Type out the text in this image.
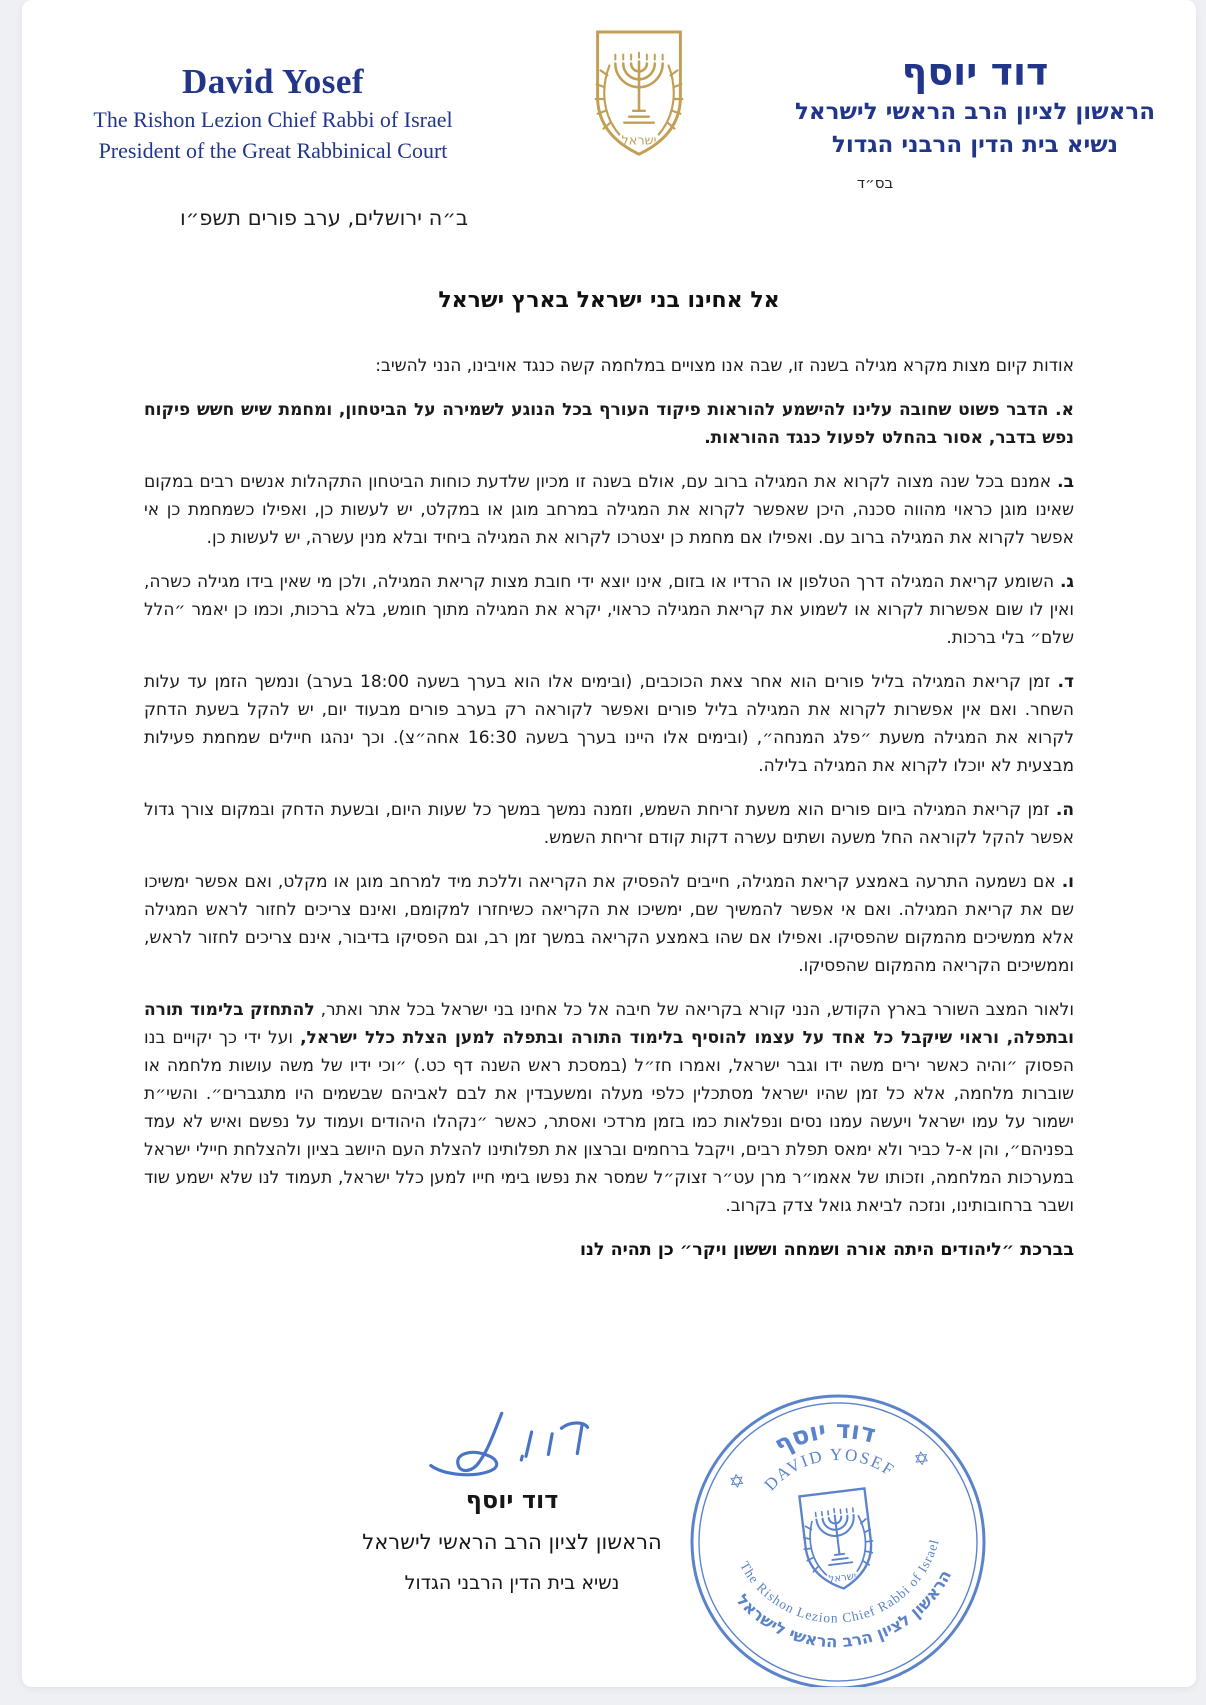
David Yosef
The Rishon Lezion Chief Rabbi of Israel
President of the Great Rabbinical Court	ישראל
דוד יוסף
הראשון לציון הרב הראשי לישראל
נשיא בית הדין הרבני הגדול
בס״ד
ב״ה ירושלים, ערב פורים תשפ״ו
אל אחינו בני ישראל בארץ ישראל

אודות קיום מצות מקרא מגילה בשנה זו, שבה אנו מצויים במלחמה קשה כנגד אויבינו, הנני להשיב:

א. הדבר פשוט שחובה עלינו להישמע להוראות פיקוד העורף בכל הנוגע לשמירה על הביטחון, ומחמת שיש חשש פיקוח נפש בדבר, אסור בהחלט לפעול כנגד ההוראות.

ב. אמנם בכל שנה מצוה לקרוא את המגילה ברוב עם, אולם בשנה זו מכיון שלדעת כוחות הביטחון התקהלות אנשים רבים במקום שאינו מוגן כראוי מהווה סכנה, היכן שאפשר לקרוא את המגילה במרחב מוגן או במקלט, יש לעשות כן, ואפילו כשמחמת כן אי אפשר לקרוא את המגילה ברוב עם. ואפילו אם מחמת כן יצטרכו לקרוא את המגילה ביחיד ובלא מנין עשרה, יש לעשות כן.

ג. השומע קריאת המגילה דרך הטלפון או הרדיו או בזום, אינו יוצא ידי חובת מצות קריאת המגילה, ולכן מי שאין בידו מגילה כשרה, ואין לו שום אפשרות לקרוא או לשמוע את קריאת המגילה כראוי, יקרא את המגילה מתוך חומש, בלא ברכות, וכמו כן יאמר ״הלל שלם״ בלי ברכות.

ד. זמן קריאת המגילה בליל פורים הוא אחר צאת הכוכבים, (ובימים אלו הוא בערך בשעה 18:00 בערב) ונמשך הזמן עד עלות השחר. ואם אין אפשרות לקרוא את המגילה בליל פורים ואפשר לקוראה רק בערב פורים מבעוד יום, יש להקל בשעת הדחק לקרוא את המגילה משעת ״פלג המנחה״, (ובימים אלו היינו בערך בשעה 16:30 אחה״צ). וכך ינהגו חיילים שמחמת פעילות מבצעית לא יוכלו לקרוא את המגילה בלילה.

ה. זמן קריאת המגילה ביום פורים הוא משעת זריחת השמש, וזמנה נמשך במשך כל שעות היום, ובשעת הדחק ובמקום צורך גדול אפשר להקל לקוראה החל משעה ושתים עשרה דקות קודם זריחת השמש.

ו. אם נשמעה התרעה באמצע קריאת המגילה, חייבים להפסיק את הקריאה וללכת מיד למרחב מוגן או מקלט, ואם אפשר ימשיכו שם את קריאת המגילה. ואם אי אפשר להמשיך שם, ימשיכו את הקריאה כשיחזרו למקומם, ואינם צריכים לחזור לראש המגילה אלא ממשיכים מהמקום שהפסיקו. ואפילו אם שהו באמצע הקריאה במשך זמן רב, וגם הפסיקו בדיבור, אינם צריכים לחזור לראש, וממשיכים הקריאה מהמקום שהפסיקו.

ולאור המצב השורר בארץ הקודש, הנני קורא בקריאה של חיבה אל כל אחינו בני ישראל בכל אתר ואתר, להתחזק בלימוד תורה ובתפלה, וראוי שיקבל כל אחד על עצמו להוסיף בלימוד התורה ובתפלה למען הצלת כלל ישראל, ועל ידי כך יקויים בנו הפסוק ״והיה כאשר ירים משה ידו וגבר ישראל, ואמרו חז״ל (במסכת ראש השנה דף כט.) ״וכי ידיו של משה עושות מלחמה או שוברות מלחמה, אלא כל זמן שהיו ישראל מסתכלין כלפי מעלה ומשעבדין את לבם לאביהם שבשמים היו מתגברים״. והשי״ת ישמור על עמו ישראל ויעשה עמנו נסים ונפלאות כמו בזמן מרדכי ואסתר, כאשר ״נקהלו היהודים ועמוד על נפשם ואיש לא עמד בפניהם״, והן א-ל כביר ולא ימאס תפלת רבים, ויקבל ברחמים וברצון את תפלותינו להצלת העם היושב בציון ולהצלחת חיילי ישראל במערכות המלחמה, וזכותו של אאמו״ר מרן עט״ר זצוק״ל שמסר את נפשו בימי חייו למען כלל ישראל, תעמוד לנו שלא ישמע שוד ושבר ברחובותינו, ונזכה לביאת גואל צדק בקרוב.

בברכת ״ליהודים היתה אורה ושמחה וששון ויקר״ כן תהיה לנו
דוד יוסף
הראשון לציון הרב הראשי לישראל
נשיא בית הדין הרבני הגדול
דוד יוסף
DAVID YOSEF
הראשון לציון הרב הראשי לישראל
The Rishon Lezion Chief Rabbi of Israel
✡
✡
ישראל
